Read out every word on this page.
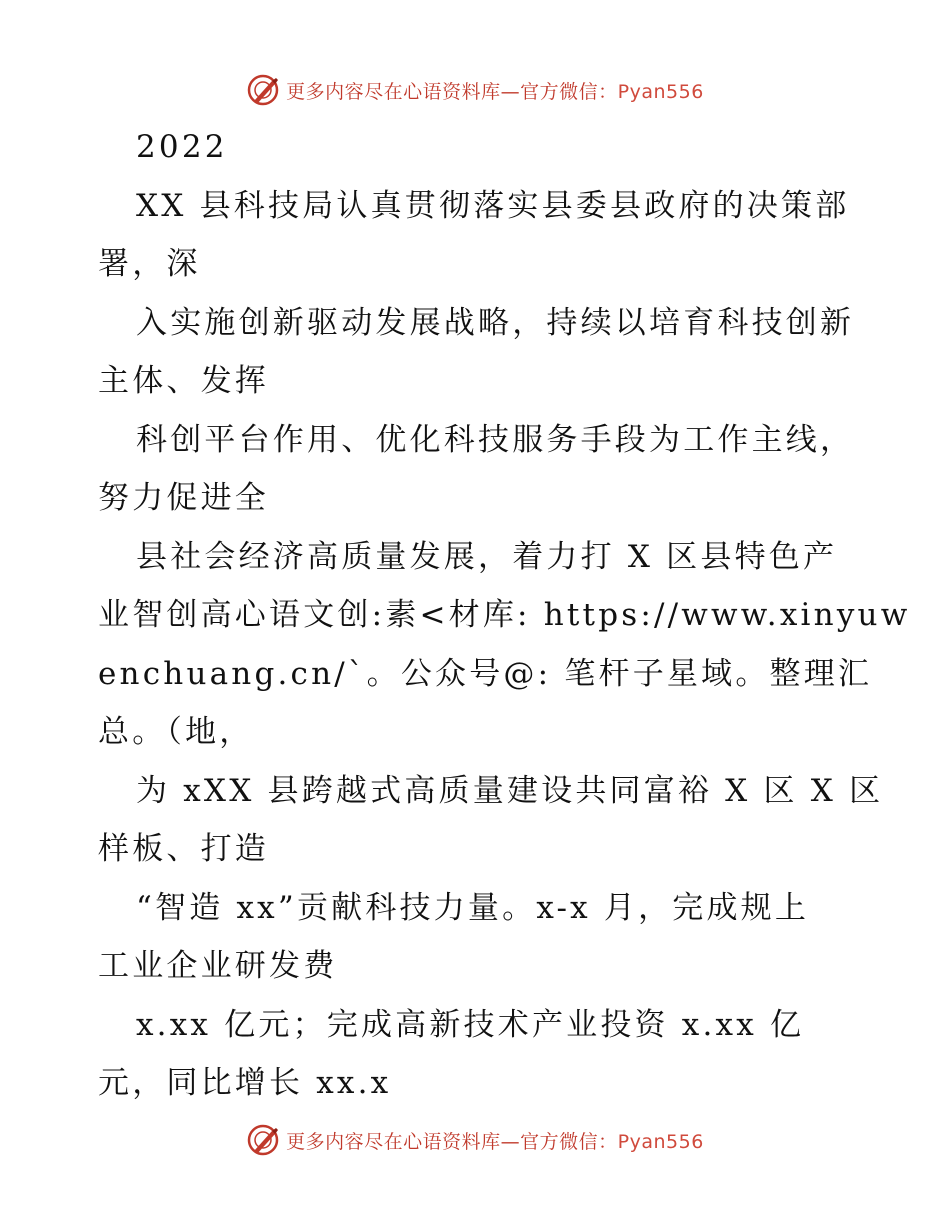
更多内容尽在心语资料库—官方微信：Pyan556

2022
XX 县科技局认真贯彻落实县委县政府的决策部
署，深
入实施创新驱动发展战略，持续以培育科技创新
主体、发挥
科创平台作用、优化科技服务手段为工作主线，
努力促进全
县社会经济高质量发展，着力打 X 区县特色产
业智创高心语文创:素<材库: https://www.xinyuw
enchuang.cn/`。公众号@: 笔杆子星域。整理汇
总。（地，
为 xXX 县跨越式高质量建设共同富裕 X 区 X 区
样板、打造
“智造 xx”贡献科技力量。x-x 月，完成规上
工业企业研发费
x.xx 亿元；完成高新技术产业投资 x.xx 亿
元，同比增长 xx.x

更多内容尽在心语资料库—官方微信：Pyan556
